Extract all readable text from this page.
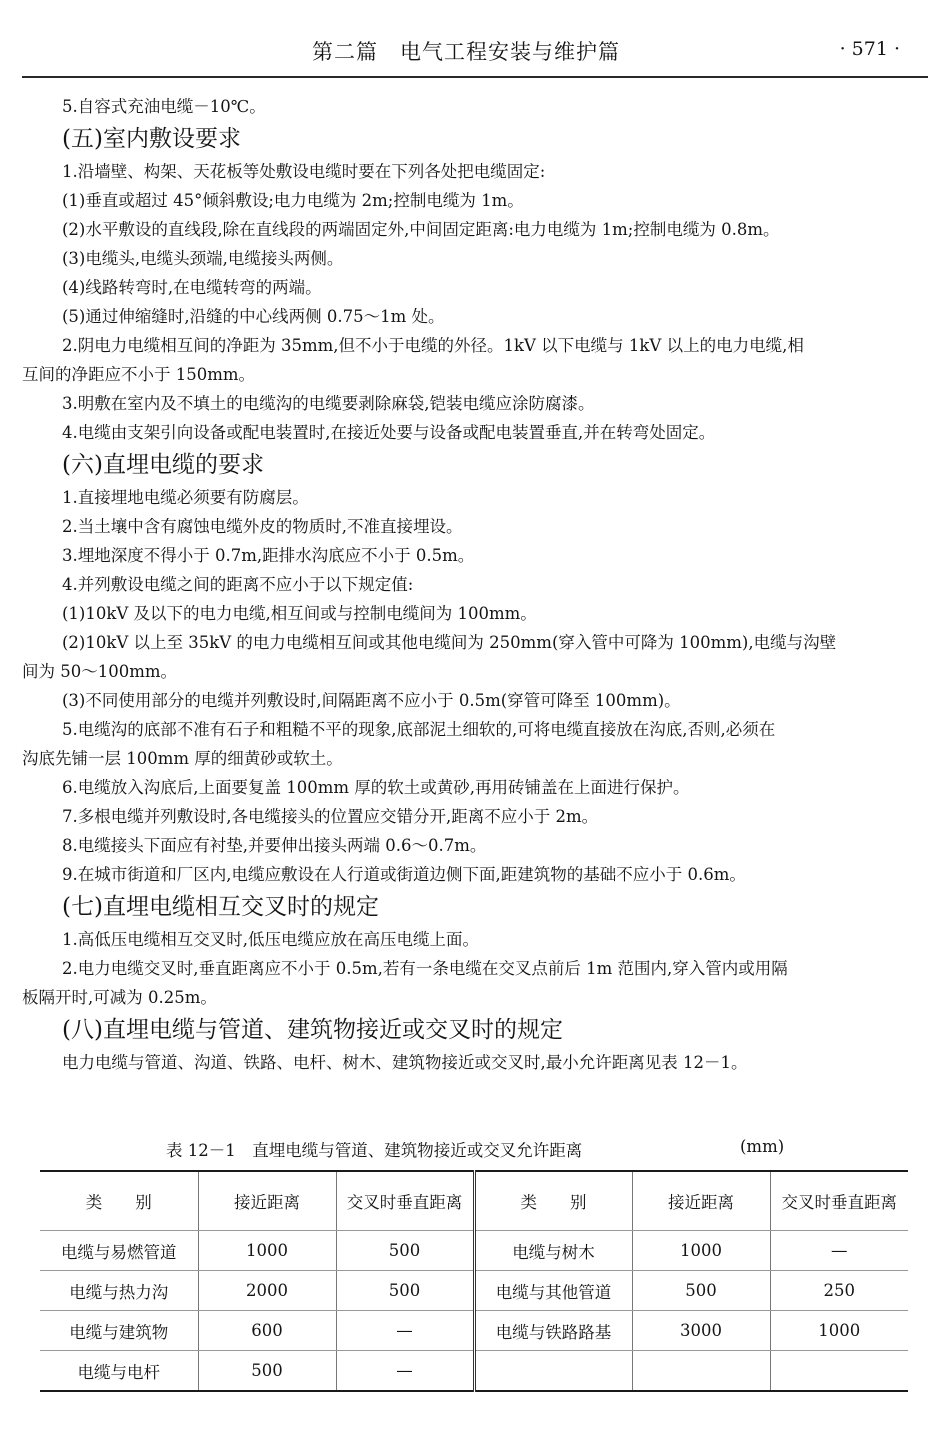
第二篇　电气工程安装与维护篇	· 571 ·
5.自容式充油电缆－10℃。
(五)室内敷设要求
1.沿墙壁、构架、天花板等处敷设电缆时要在下列各处把电缆固定:
(1)垂直或超过 45°倾斜敷设;电力电缆为 2m;控制电缆为 1m。
(2)水平敷设的直线段,除在直线段的两端固定外,中间固定距离:电力电缆为 1m;控制电缆为 0.8m。
(3)电缆头,电缆头颈端,电缆接头两侧。
(4)线路转弯时,在电缆转弯的两端。
(5)通过伸缩缝时,沿缝的中心线两侧 0.75～1m 处。
2.阴电力电缆相互间的净距为 35mm,但不小于电缆的外径。1kV 以下电缆与 1kV 以上的电力电缆,相
互间的净距应不小于 150mm。
3.明敷在室内及不填土的电缆沟的电缆要剥除麻袋,铠装电缆应涂防腐漆。
4.电缆由支架引向设备或配电装置时,在接近处要与设备或配电装置垂直,并在转弯处固定。
(六)直埋电缆的要求
1.直接埋地电缆必须要有防腐层。
2.当土壤中含有腐蚀电缆外皮的物质时,不准直接埋设。
3.埋地深度不得小于 0.7m,距排水沟底应不小于 0.5m。
4.并列敷设电缆之间的距离不应小于以下规定值:
(1)10kV 及以下的电力电缆,相互间或与控制电缆间为 100mm。
(2)10kV 以上至 35kV 的电力电缆相互间或其他电缆间为 250mm(穿入管中可降为 100mm),电缆与沟壁
间为 50～100mm。
(3)不同使用部分的电缆并列敷设时,间隔距离不应小于 0.5m(穿管可降至 100mm)。
5.电缆沟的底部不准有石子和粗糙不平的现象,底部泥土细软的,可将电缆直接放在沟底,否则,必须在
沟底先铺一层 100mm 厚的细黄砂或软土。
6.电缆放入沟底后,上面要复盖 100mm 厚的软土或黄砂,再用砖铺盖在上面进行保护。
7.多根电缆并列敷设时,各电缆接头的位置应交错分开,距离不应小于 2m。
8.电缆接头下面应有衬垫,并要伸出接头两端 0.6～0.7m。
9.在城市街道和厂区内,电缆应敷设在人行道或街道边侧下面,距建筑物的基础不应小于 0.6m。
(七)直埋电缆相互交叉时的规定
1.高低压电缆相互交叉时,低压电缆应放在高压电缆上面。
2.电力电缆交叉时,垂直距离应不小于 0.5m,若有一条电缆在交叉点前后 1m 范围内,穿入管内或用隔
板隔开时,可减为 0.25m。
(八)直埋电缆与管道、建筑物接近或交叉时的规定
电力电缆与管道、沟道、铁路、电杆、树木、建筑物接近或交叉时,最小允许距离见表 12－1。
表 12－1　直埋电缆与管道、建筑物接近或交叉允许距离	(mm)
类　　别	接近距离	交叉时垂直距离	类　　别	接近距离	交叉时垂直距离
电缆与易燃管道	1000	500	电缆与树木	1000	—
电缆与热力沟	2000	500	电缆与其他管道	500	250
电缆与建筑物	600	—	电缆与铁路路基	3000	1000
电缆与电杆	500	—			
